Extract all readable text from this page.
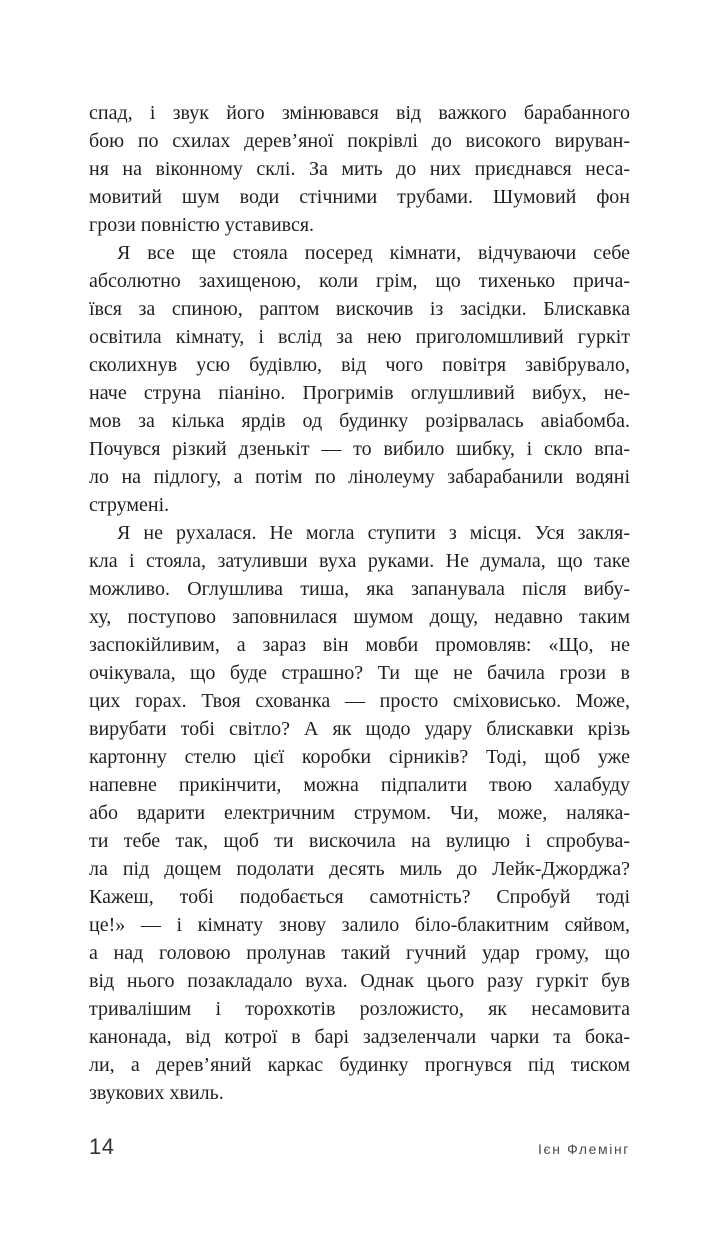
спад, і звук його змінювався від важкого барабанного
бою по схилах дерев’яної покрівлі до високого вируван-
ня на віконному склі. За мить до них приєднався неса-
мовитий шум води стічними трубами. Шумовий фон
грози повністю уставився.

Я все ще стояла посеред кімнати, відчуваючи себе
абсолютно захищеною, коли грім, що тихенько прича-
ївся за спиною, раптом вискочив із засідки. Блискавка
освітила кімнату, і вслід за нею приголомшливий гуркіт
сколихнув усю будівлю, від чого повітря завібрувало,
наче струна піаніно. Прогримів оглушливий вибух, не-
мов за кілька ярдів од будинку розірвалась авіабомба.
Почувся різкий дзенькіт — то вибило шибку, і скло впа-
ло на підлогу, а потім по лінолеуму забарабанили водяні
струмені.

Я не рухалася. Не могла ступити з місця. Уся закля-
кла і стояла, затуливши вуха руками. Не думала, що таке
можливо. Оглушлива тиша, яка запанувала після вибу-
ху, поступово заповнилася шумом дощу, недавно таким
заспокійливим, а зараз він мовби промовляв: «Що, не
очікувала, що буде страшно? Ти ще не бачила грози в
цих горах. Твоя схованка — просто сміховисько. Може,
вирубати тобі світло? А як щодо удару блискавки крізь
картонну стелю цієї коробки сірників? Тоді, щоб уже
напевне прикінчити, можна підпалити твою халабуду
або вдарити електричним струмом. Чи, може, наляка-
ти тебе так, щоб ти вискочила на вулицю і спробува-
ла під дощем подолати десять миль до Лейк-Джорджа?
Кажеш, тобі подобається самотність? Спробуй тоді
це!» — і кімнату знову залило біло-блакитним сяйвом,
а над головою пролунав такий гучний удар грому, що
від нього позакладало вуха. Однак цього разу гуркіт був
тривалішим і торохкотів розложисто, як несамовита
канонада, від котрої в барі задзеленчали чарки та бока-
ли, а дерев’яний каркас будинку прогнувся під тиском
звукових хвиль.

14	Ієн Флемінг
